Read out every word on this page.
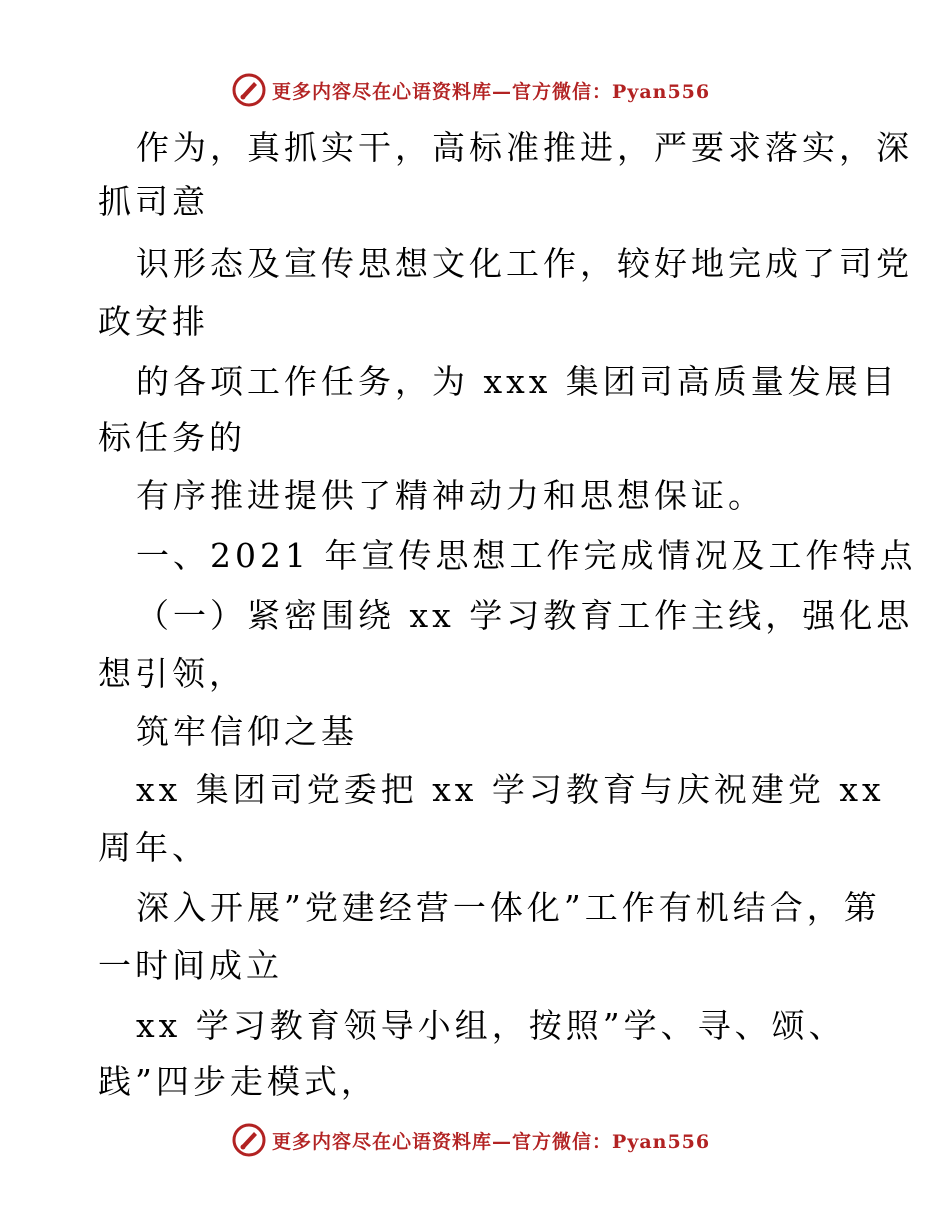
更多内容尽在心语资料库—官方微信：Pyan556
作为，真抓实干，高标准推进，严要求落实，深
抓司意
识形态及宣传思想文化工作，较好地完成了司党
政安排
的各项工作任务，为 xxx 集团司高质量发展目
标任务的
有序推进提供了精神动力和思想保证。
一、2021 年宣传思想工作完成情况及工作特点
（一）紧密围绕 xx 学习教育工作主线，强化思
想引领，
筑牢信仰之基
xx 集团司党委把 xx 学习教育与庆祝建党 xx
周年、
深入开展”党建经营一体化”工作有机结合，第
一时间成立
xx 学习教育领导小组，按照”学、寻、颂、
践”四步走模式，
更多内容尽在心语资料库—官方微信：Pyan556
